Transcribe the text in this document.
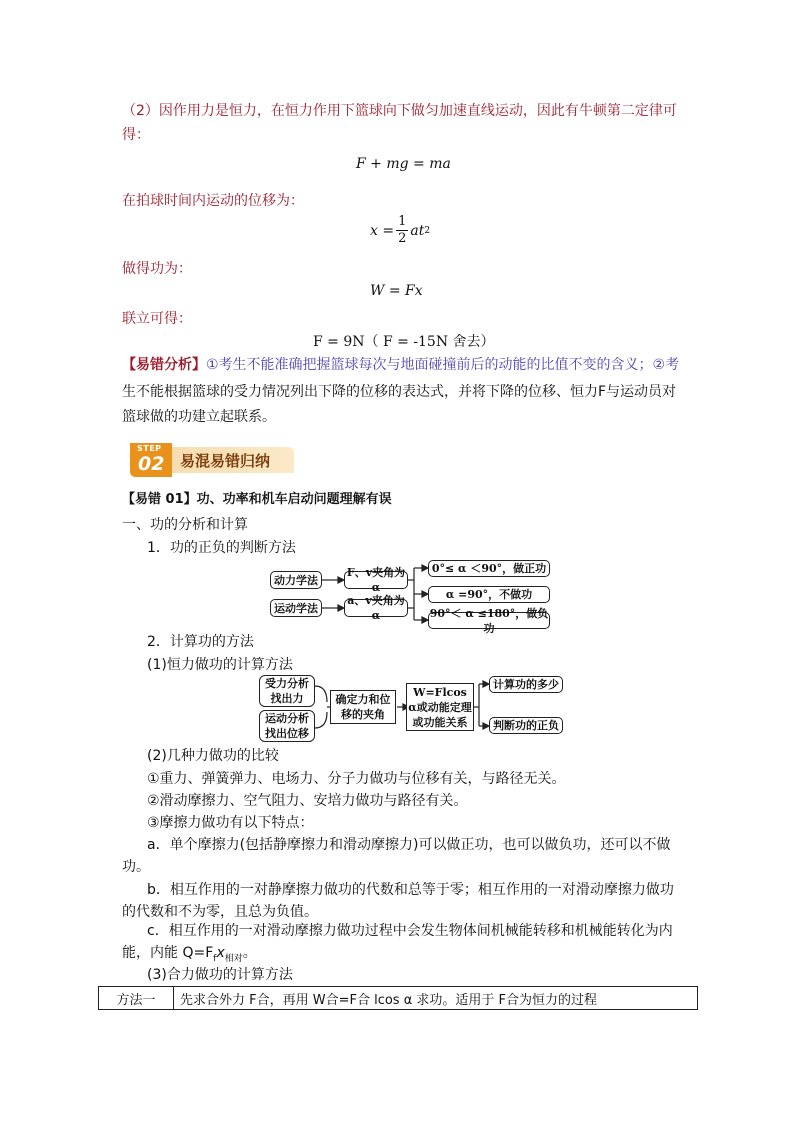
（2）因作用力是恒力，在恒力作用下篮球向下做匀加速直线运动，因此有牛顿第二定律可
得：
F + mg = ma
在拍球时间内运动的位移为：
$x = \frac{1}{2}$ at 2
做得功为：
W = Fx
联立可得：
F = 9N（ F = -15N 舍去）
【易错分析】①考生不能准确把握篮球每次与地面碰撞前后的动能的比值不变的含义；②考
生不能根据篮球的受力情况列出下降的位移的表达式，并将下降的位移、恒力F与运动员对
篮球做的功建立起联系。
STEP
02 易混易错归纳
【易错 01】功、功率和机车启动问题理解有误
一、功的分析和计算
1．功的正负的判断方法
动力学法
运动学法
F、v夹角为 α
a、v夹角为 α
0°≤ α ＜90°，做正功
α =90°，不做功
90°＜ α ≤180°，做负功
2．计算功的方法
(1)恒力做功的计算方法
受力分析找出力
运动分析找出位移
确定力和位移的夹角
W=Flcos α或动能定理或功能关系
计算功的多少
判断功的正负
(2)几种力做功的比较
①重力、弹簧弹力、电场力、分子力做功与位移有关，与路径无关。
②滑动摩擦力、空气阻力、安培力做功与路径有关。
③摩擦力做功有以下特点：
a．单个摩擦力(包括静摩擦力和滑动摩擦力)可以做正功，也可以做负功，还可以不做
功。
b．相互作用的一对静摩擦力做功的代数和总等于零；相互作用的一对滑动摩擦力做功
的代数和不为零，且总为负值。
c．相互作用的一对滑动摩擦力做功过程中会发生物体间机械能转移和机械能转化为内
能，内能 $Q=F_fx_{相对}$。
(3)合力做功的计算方法
方法一	先求合外力 F合，再用 W合=F合 lcos α 求功。适用于 F合为恒力的过程
